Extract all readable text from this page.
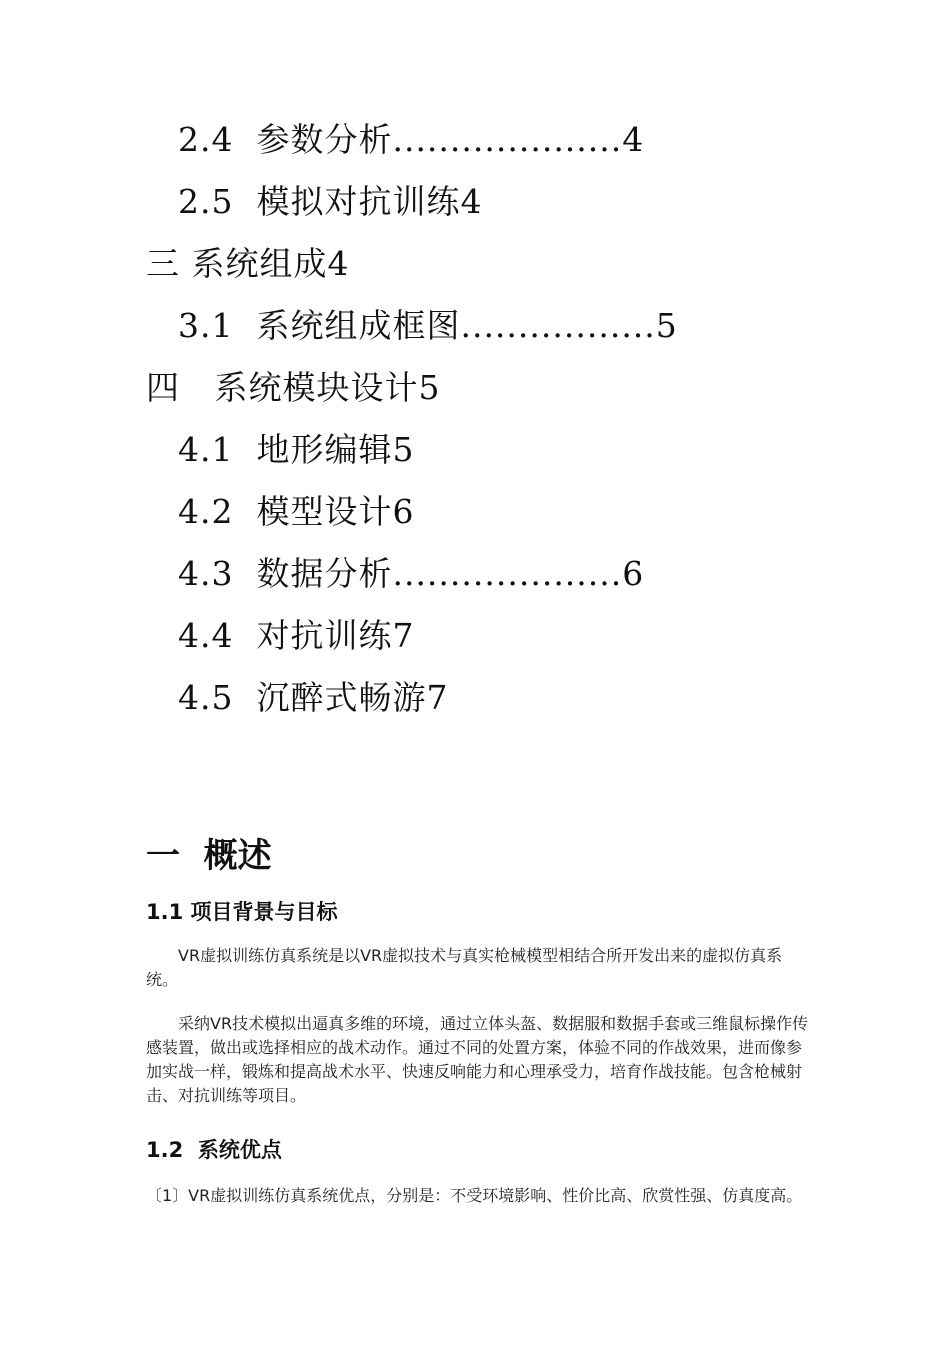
2.4  参数分析....................4
2.5  模拟对抗训练4
三 系统组成4
3.1  系统组成框图.................5
四   系统模块设计5
4.1  地形编辑5
4.2  模型设计6
4.3  数据分析....................6
4.4  对抗训练7
4.5  沉醉式畅游7
一  概述
1.1 项目背景与目标
VR虚拟训练仿真系统是以VR虚拟技术与真实枪械模型相结合所开发出来的虚拟仿真系统。
采纳VR技术模拟出逼真多维的环境，通过立体头盔、数据服和数据手套或三维鼠标操作传感装置，做出或选择相应的战术动作。通过不同的处置方案，体验不同的作战效果，进而像参加实战一样，锻炼和提高战术水平、快速反响能力和心理承受力，培育作战技能。包含枪械射击、对抗训练等项目。
1.2  系统优点
〔1〕VR虚拟训练仿真系统优点，分别是：不受环境影响、性价比高、欣赏性强、仿真度高。
